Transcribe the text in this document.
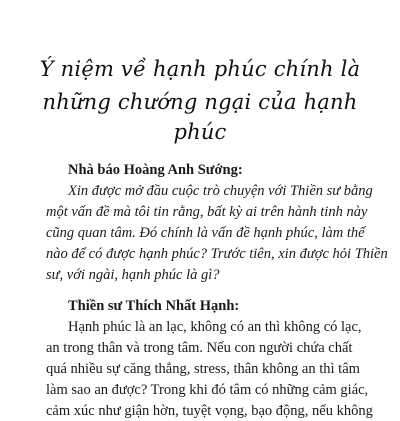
Ý niệm về hạnh phúc chính là
những chướng ngại của hạnh phúc

Nhà báo Hoàng Anh Sướng:

Xin được mở đầu cuộc trò chuyện với Thiền sư bằng

một vấn đề mà tôi tin rằng, bất kỳ ai trên hành tinh này

cũng quan tâm. Đó chính là vấn đề hạnh phúc, làm thế

nào để có được hạnh phúc? Trước tiên, xin được hỏi Thiền

sư, với ngài, hạnh phúc là gì?

Thiền sư Thích Nhất Hạnh:

Hạnh phúc là an lạc, không có an thì không có lạc,

an trong thân và trong tâm. Nếu con người chứa chất

quá nhiều sự căng thẳng, stress, thân không an thì tâm

làm sao an được? Trong khi đó tâm có những cảm giác,

cảm xúc như giận hờn, tuyệt vọng, bạo động, nếu không
